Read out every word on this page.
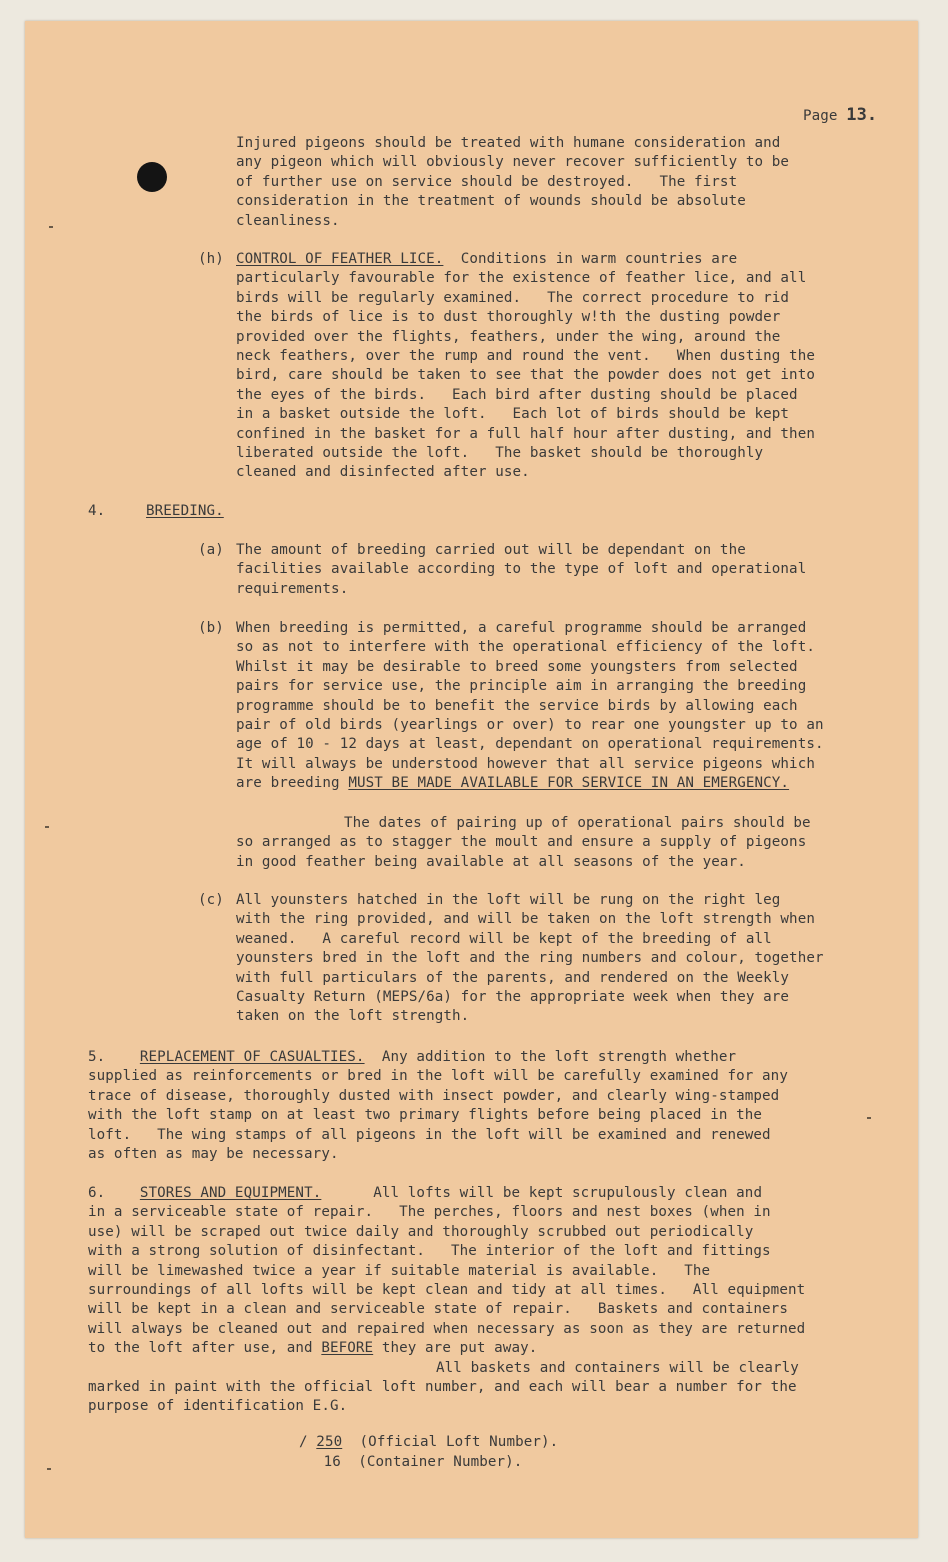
Page 13.
Injured pigeons should be treated with humane consideration and
any pigeon which will obviously never recover sufficiently to be
of further use on service should be destroyed.   The first
consideration in the treatment of wounds should be absolute
cleanliness.
(h) CONTROL OF FEATHER LICE.  Conditions in warm countries are
particularly favourable for the existence of feather lice, and all
birds will be regularly examined.   The correct procedure to rid
the birds of lice is to dust thoroughly w!th the dusting powder
provided over the flights, feathers, under the wing, around the
neck feathers, over the rump and round the vent.   When dusting the
bird, care should be taken to see that the powder does not get into
the eyes of the birds.   Each bird after dusting should be placed
in a basket outside the loft.   Each lot of birds should be kept
confined in the basket for a full half hour after dusting, and then
liberated outside the loft.   The basket should be thoroughly
cleaned and disinfected after use.
4.	BREEDING.
(a) The amount of breeding carried out will be dependant on the
facilities available according to the type of loft and operational
requirements.
(b) When breeding is permitted, a careful programme should be arranged
so as not to interfere with the operational efficiency of the loft.
Whilst it may be desirable to breed some youngsters from selected
pairs for service use, the principle aim in arranging the breeding
programme should be to benefit the service birds by allowing each
pair of old birds (yearlings or over) to rear one youngster up to an
age of 10 - 12 days at least, dependant on operational requirements.
It will always be understood however that all service pigeons which
are breeding MUST BE MADE AVAILABLE FOR SERVICE IN AN EMERGENCY.
The dates of pairing up of operational pairs should be
so arranged as to stagger the moult and ensure a supply of pigeons
in good feather being available at all seasons of the year.
(c) All younsters hatched in the loft will be rung on the right leg
with the ring provided, and will be taken on the loft strength when
weaned.   A careful record will be kept of the breeding of all
younsters bred in the loft and the ring numbers and colour, together
with full particulars of the parents, and rendered on the Weekly
Casualty Return (MEPS/6a) for the appropriate week when they are
taken on the loft strength.
5. REPLACEMENT OF CASUALTIES.  Any addition to the loft strength whether
supplied as reinforcements or bred in the loft will be carefully examined for any
trace of disease, thoroughly dusted with insect powder, and clearly wing-stamped
with the loft stamp on at least two primary flights before being placed in the
loft.   The wing stamps of all pigeons in the loft will be examined and renewed
as often as may be necessary.
6. STORES AND EQUIPMENT.	All lofts will be kept scrupulously clean and
in a serviceable state of repair.   The perches, floors and nest boxes (when in
use) will be scraped out twice daily and thoroughly scrubbed out periodically
with a strong solution of disinfectant.   The interior of the loft and fittings
will be limewashed twice a year if suitable material is available.   The
surroundings of all lofts will be kept clean and tidy at all times.   All equipment
will be kept in a clean and serviceable state of repair.   Baskets and containers
will always be cleaned out and repaired when necessary as soon as they are returned
to the loft after use, and BEFORE they are put away.
All baskets and containers will be clearly
marked in paint with the official loft number, and each will bear a number for the
purpose of identification E.G.
/ 250 (Official Loft Number).
16 (Container Number).
